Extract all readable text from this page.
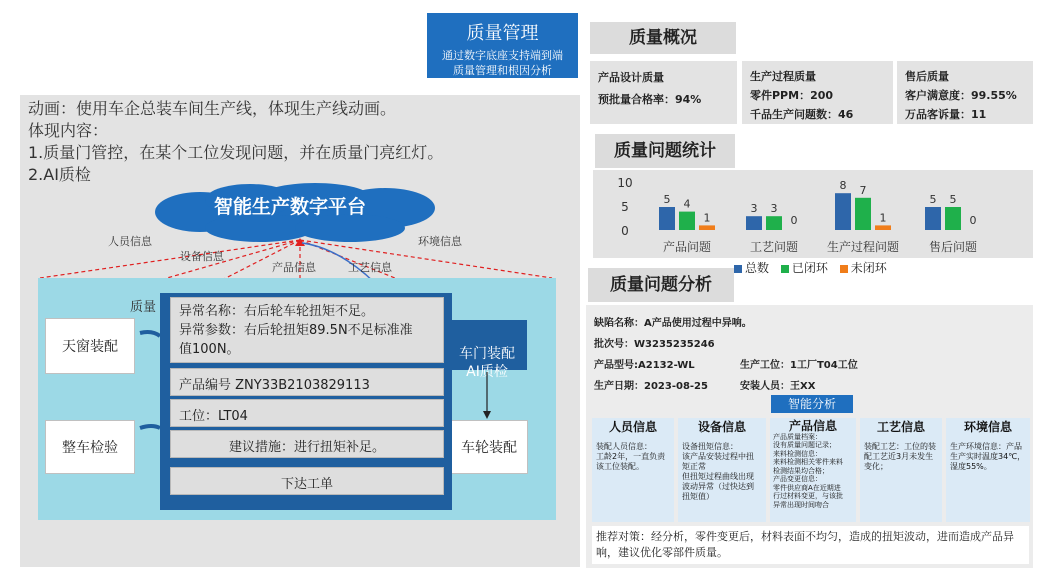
质量管理
通过数字底座支持端到端质量管理和根因分析
动画：使用车企总装车间生产线，体现生产线动画。
体现内容：
1.质量门管控，在某个工位发现问题，并在质量门亮红灯。
2.AI质检
智能生产数字平台
人员信息
设备信息
产品信息	工艺信息
环境信息
质量
天窗装配
整车检验	车轮装配

车门装配
AI质检

异常名称：右后轮车轮扭矩不足。
异常参数：右后轮扭矩89.5N不足标准准
值100N。
产品编号 ZNY33B2103829113
工位：LT04
建议措施：进行扭矩补足。
下达工单
质量概况
产品设计质量
预批量合格率：94%
生产过程质量
零件PPM：200
千品生产问题数：46
售后质量
客户满意度：99.55%
万品客诉量：11
质量问题统计
10
5
0
5 4
1
产品问题
3 3
0
工艺问题
8 7
1
生产过程问题
5 5
0
售后问题
总数 已闭环 未闭环
质量问题分析
缺陷名称：A产品使用过程中异响。
批次号：W3235235246
产品型号:A2132-WL	生产工位：1工厂T04工位
生产日期：2023-08-25	安装人员：王XX
智能分析
人员信息
装配人员信息：
工龄2年，一直负责
该工位装配。
设备信息
设备扭矩信息：
该产品安装过程中扭
矩正常
但扭矩过程曲线出现
波动异常（过快达到
扭矩值）
产品信息
产品质量档案：
没有质量问题记录；
来料检测信息：
来料检测相关零件来料
检测结果均合格；
产品变更信息：
零件供应商A在近期进
行过材料变更，与该批
异常出现时间吻合
工艺信息
装配工艺：工位的装
配工艺近3月未发生
变化；
环境信息
生产环境信息：产品
生产实时温度34℃，
湿度55%。
推荐对策：经分析，零件变更后，材料表面不均匀，造成的扭矩波动，进而造成产品异响，建议优化零部件质量。
